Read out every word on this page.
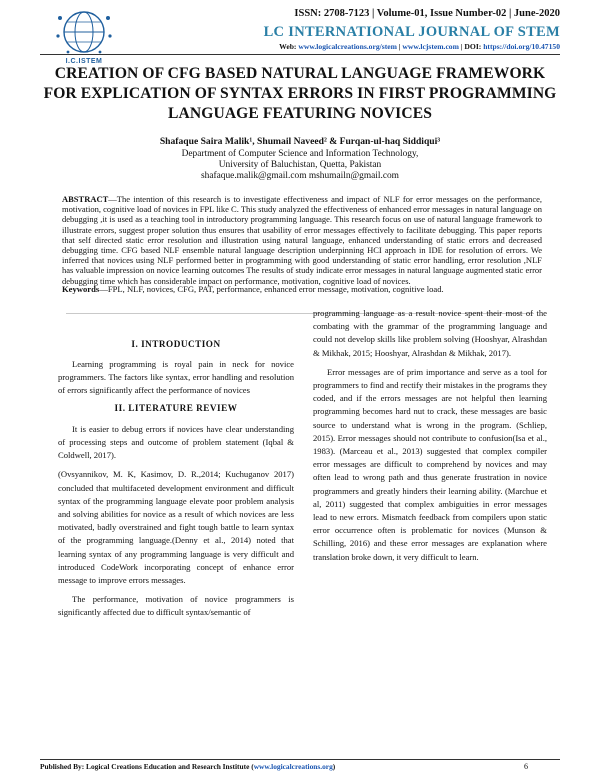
I.C.ISTEM
ISSN: 2708-7123 | Volume-01, Issue Number-02 | June-2020
LC INTERNATIONAL JOURNAL OF STEM
Web: www.logicalcreations.org/stem | www.lcjstem.com | DOI: https://doi.org/10.47150
CREATION OF CFG BASED NATURAL LANGUAGE FRAMEWORK FOR EXPLICATION OF SYNTAX ERRORS IN FIRST PROGRAMMING LANGUAGE FEATURING NOVICES
Shafaque Saira Malik¹, Shumail Naveed² & Furqan-ul-haq Siddiqui³
Department of Computer Science and Information Technology,
University of Baluchistan, Quetta, Pakistan
shafaque.malik@gmail.com mshumailn@gmail.com
ABSTRACT—The intention of this research is to investigate effectiveness and impact of NLF for error messages on the performance, motivation, cognitive load of novices in FPL like C. This study analyzed the effectiveness of enhanced error messages in natural language on debugging ,it is used as a teaching tool in introductory programming language. This research focus on use of natural language framework to illustrate errors, suggest proper solution thus ensures that usability of error messages effectively to facilitate debugging. This paper reports that self directed static error resolution and illustration using natural language, enhanced understanding of static errors and decreased debugging time. CFG based NLF ensemble natural language description underpinning HCI approach in IDE for resolution of errors. We inferred that novices using NLF performed better in programming with good understanding of static error handling, error resolution ,NLF has valuable impression on novice learning outcomes The results of study indicate error messages in natural language augmented static error debugging time which has considerable impact on performance, motivation, cognitive load of novices.
Keywords—FPL, NLF, novices, CFG, PAT, performance, enhanced error message, motivation, cognitive load.
I. INTRODUCTION

Learning programming is royal pain in neck for novice programmers. The factors like syntax, error handling and resolution of errors significantly affect the performance of novices

II. LITERATURE REVIEW

It is easier to debug errors if novices have clear understanding of processing steps and outcome of problem statement (Iqbal & Coldwell, 2017).

(Ovsyannikov, M. K, Kasimov, D. R.,2014; Kuchuganov 2017) concluded that multifaceted development environment and difficult syntax of the programming language elevate poor problem analysis and solving abilities for novice as a result of which novices are less motivated, badly overstrained and fight tough battle to learn syntax of the programming language.(Denny et al., 2014) noted that learning syntax of any programming language is very difficult and introduced CodeWork incorporating concept of enhance error message to improve errors messages.

The performance, motivation of novice programmers is significantly affected due to difficult syntax/semantic of

programming language as a result novice spent their most of the combating with the grammar of the programming language and could not develop skills like problem solving (Hooshyar, Alrashdan & Mikhak, 2015; Hooshyar, Alrashdan & Mikhak, 2017).

Error messages are of prim importance and serve as a tool for programmers to find and rectify their mistakes in the programs they coded, and if the errors messages are not helpful then learning programming becomes hard nut to crack, these messages are basic source to understand what is wrong in the program. (Schliep, 2015). Error messages should not contribute to confusion(Isa et al., 1983). (Marceau et al., 2013) suggested that complex compiler error messages are difficult to comprehend by novices and may often lead to wrong path and thus generate frustration in novice programmers and greatly hinders their learning ability. (Marchue et al, 2011) suggested that complex ambiguities in error messages lead to new errors. Mismatch feedback from compilers upon static error occurrence often is problematic for novices (Munson & Schilling, 2016) and these error messages are explanation where translation broke down, it very difficult to learn.

Published By: Logical Creations Education and Research Institute (www.logicalcreations.org)	6
